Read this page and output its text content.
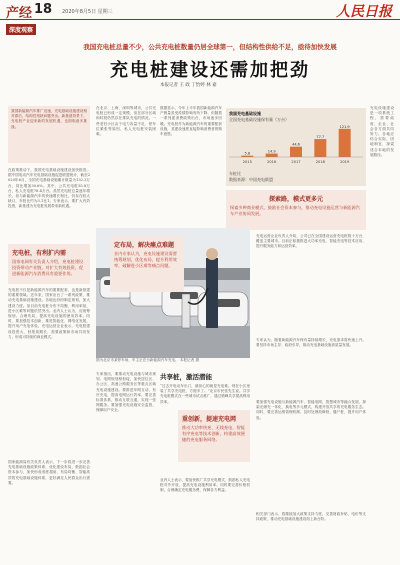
产经 18 2020年8月5日 星期三	人民日报
深度观察
我国充电桩总量不少，公共充电桩数量仍居全球第一，但结构性供给不足，亟待加快发展
充电桩建设还需加把劲
本报记者 王 政 丁怡婷 林 嘉
我国新能源汽车推广迅速，充电基础设施建设相对滞后，结构性短缺问题突出。新基建背景下，充电桩产业迎来新的发展机遇，也面临诸多挑战。
在政策推动下，我国充电基础设施建设加快推进。据中国电动汽车充电基础设施促进联盟统计，截至2020年6月，全国充电基础设施累计数量为132.2万台，同比增加30.6%。其中，公共充电桩55.8万台，私人充电桩76.4万台。虽然充电桩总量逐年增长，但与新能源汽车的快速增长相比，仍存在较大缺口，车桩比约为3.1比1。专家表示，要扩大有效投资，新基建为充电桩发展带来新机遇。
充电桩，有利扩内需
国家电网有关负责人介绍，充电桩建设投资带动产业链，对扩大有效投资，促进新能源汽车消费具有重要作用。
充电桩不仅是新能源汽车的重要配套，也是新基建的重要领域。近年来，国家出台了一系列政策，推动充电基础设施建设。各地也纷纷制定规划，加大建设力度。但目前充电桩分布不均衡、利用率低、进小区难等问题依然突出。业内人士认为，应统筹规划，合理布局，提高充电设施的使用效率。同时，要加强技术创新，推进智能化、网络化发展，提升用户充电体验。充电运营企业表示，充电桩建设投资大、回报周期长，需要政策和市场共同发力，形成可持续的商业模式。
国家能源局有关负责人表示，下一步将进一步完善充电基础设施政策体系，优化建设布局，鼓励社会资本参与，加快形成适度超前、布局均衡、智能高效的充电基础设施体系，更好满足人民群众出行需要。
在北京、上海、深圳等城市，公共充电桩已形成一定规模，但在部分区域和时段仍然存在排队充电的情况。一些老旧小区由于电力容量不足、停车位紧张等原因，私人充电桩安装困难。
定布局，解决痛点难题
业内专家认为，充电设施建设需要统筹规划，优化布局，提升利用效率，破解进小区难等痛点问题。
数据显示，今年上半年我国新能源汽车产销量虽受疫情影响有所下降，但随着一系列促消费政策出台，市场逐步回暖。充电桩作为新能源汽车的重要配套设施，其建设速度直接影响消费者的购车意愿。
我国充电基础设施
全国充电基础设施保有量（万台）
5.8
2015
14.9
2016
44.6
2017
77.7
2018
121.9
2019
车桩比
数据来源：中国充电联盟
探索路，模式更多元
探索多种商业模式，鼓励社会资本参与，推动充电设施运营与新能源汽车产业协同发展。
充电运营企业负责人介绍，公司已在全国建设运营充电桩数十万台，覆盖主要城市。目前正积极推进大功率充电、智能充电等技术应用，提升服务能力和运营效率。
图为北京市某停车场，车主正在为新能源汽车充电。 本报记者 摄
专家指出，要推动充电设施与城市规划、电网规划相衔接，加快居住区、办公区、高速公路服务区等重点区域充电设施建设。要推进车网互动、有序充电，提高电网运行效率。要完善标准体系，推动互联互通，实现一张网服务。要加强充电设施安全监管，保障用户安全。
共享桩，激活潜能
“过去开电动车出门，最担心的就是充电难。现在小区里装了共享充电桩，方便多了。”北京市民张先生说。共享充电桩模式在一些城市试点推广，通过错峰共享提高利用效率。
业内人士表示，要加快推广共享充电模式，鼓励私人充电桩对外开放，提高充电设施利用率。同时要完善价格机制，合理确定充电服务费，保障各方利益。
重创新，提速充电网
推动大功率快充、无线充电、智能有序充电等技术创新，构建高效便捷的充电服务网络。
专家认为，随着新能源汽车保有量持续增长，充电需求将快速上升。要坚持市场主导、政府引导，推动充电基础设施高质量发展。
要加强充电设施与新能源汽车、智能电网、智慧城市等融合发展，探索光储充一体化、换电等多元模式，构建开放共享的充电服务生态。同时，要完善运维管理机制，及时处理故障桩、僵尸桩，提升用户体验。
相关部门表示，将继续加大政策支持力度，完善财政补贴、电价等支持政策，推动充电基础设施建设再上新台阶。
充电设施建设是一项系统工程，需要政府、企业、社会各方面共同努力。各地应结合实际，因地制宜，探索适合本地的发展路径。
